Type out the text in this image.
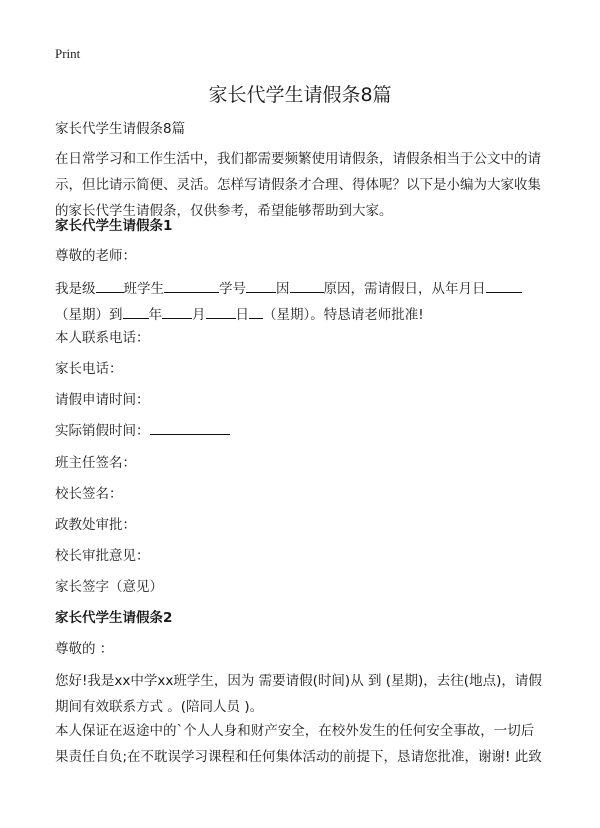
Print
家长代学生请假条8篇
家长代学生请假条8篇
在日常学习和工作生活中，我们都需要频繁使用请假条，请假条相当于公文中的请示，但比请示简便、灵活。怎样写请假条才合理、得体呢？以下是小编为大家收集的家长代学生请假条，仅供参考，希望能够帮助到大家。
家长代学生请假条1
尊敬的老师：
我是级 班学生	学号 因	原因，需请假日，从年月日（星期）到 年 月 日 （星期）。特恳请老师批准!
本人联系电话：
家长电话：
请假申请时间：
实际销假时间：
班主任签名：
校长签名：
政教处审批：
校长审批意见：
家长签字（意见）
家长代学生请假条2
尊敬的 ：
您好!我是xx中学xx班学生，因为 需要请假(时间)从 到 (星期)，去往(地点)，请假期间有效联系方式 。(陪同人员 )。
本人保证在返途中的`个人人身和财产安全，在校外发生的任何安全事故，一切后果责任自负;在不耽误学习课程和任何集体活动的前提下，恳请您批准，谢谢! 此致
